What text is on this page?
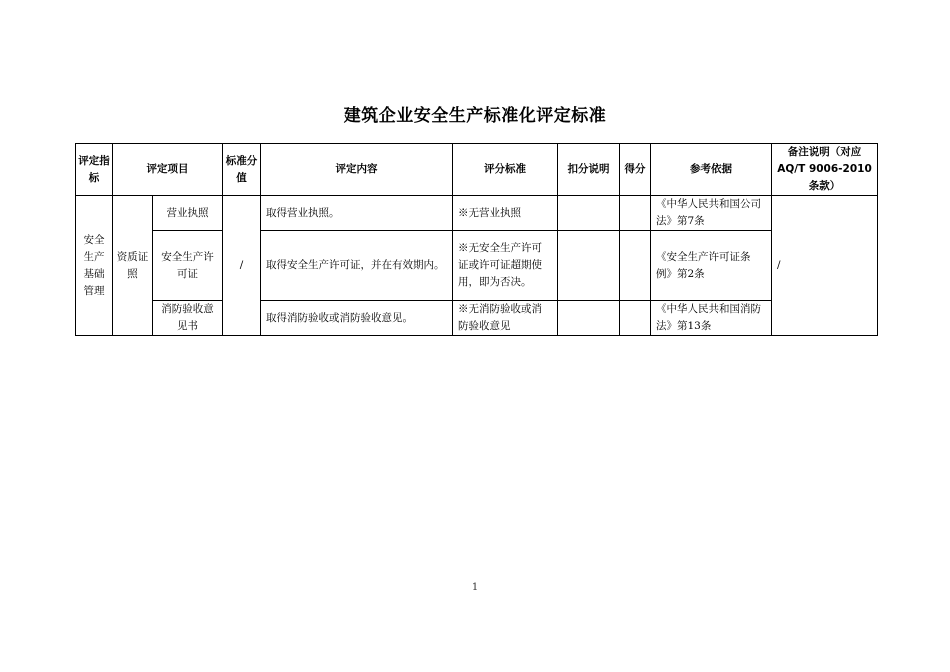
建筑企业安全生产标准化评定标准
评定指标	评定项目		标准分值	评定内容	评分标准	扣分说明	得分	参考依据	备注说明（对应AQ/T 9006-2010条款）
安全生产基础管理	资质证照	营业执照	/	取得营业执照。	※无营业执照			《中华人民共和国公司法》第7条	/
		安全生产许可证		取得安全生产许可证，并在有效期内。	※无安全生产许可证或许可证超期使用，即为否决。			《安全生产许可证条例》第2条	
		消防验收意见书		取得消防验收或消防验收意见。	※无消防验收或消防验收意见			《中华人民共和国消防法》第13条	
1
